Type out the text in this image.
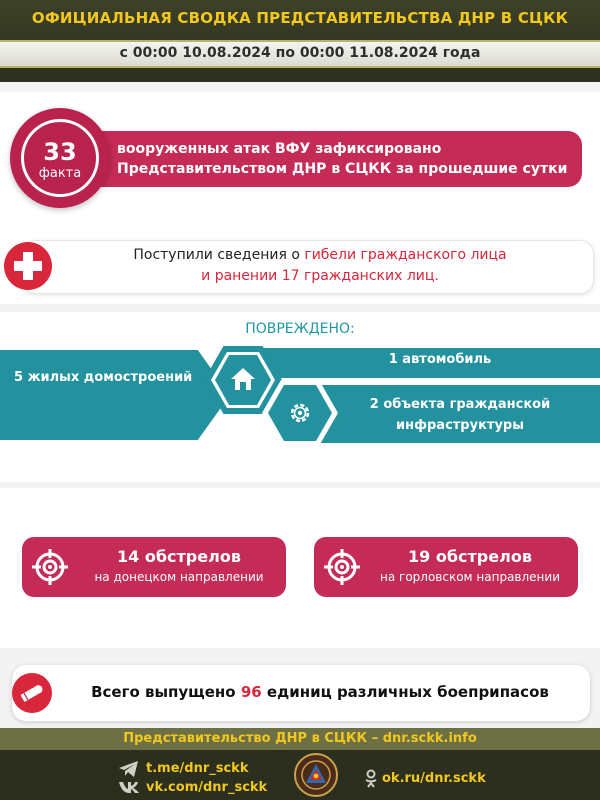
ОФИЦИАЛЬНАЯ СВОДКА ПРЕДСТАВИТЕЛЬСТВА ДНР В СЦКК
с 00:00 10.08.2024 по 00:00 11.08.2024 года
вооруженных атак ВФУ зафиксировано
Представительством ДНР в СЦКК за прошедшие сутки
33
факта
Поступили сведения о гибели гражданского лица
и ранении 17 гражданских лиц.
ПОВРЕЖДЕНО:
5 жилых домостроений
1 автомобиль
2 объекта гражданской
инфраструктуры
14 обстрелов
на донецком направлении
19 обстрелов
на горловском направлении
Всего выпущено 96 единиц различных боеприпасов
Представительство ДНР в СЦКК – dnr.sckk.info
t.me/dnr_sckk
vk.com/dnr_sckk
ok.ru/dnr.sckk
